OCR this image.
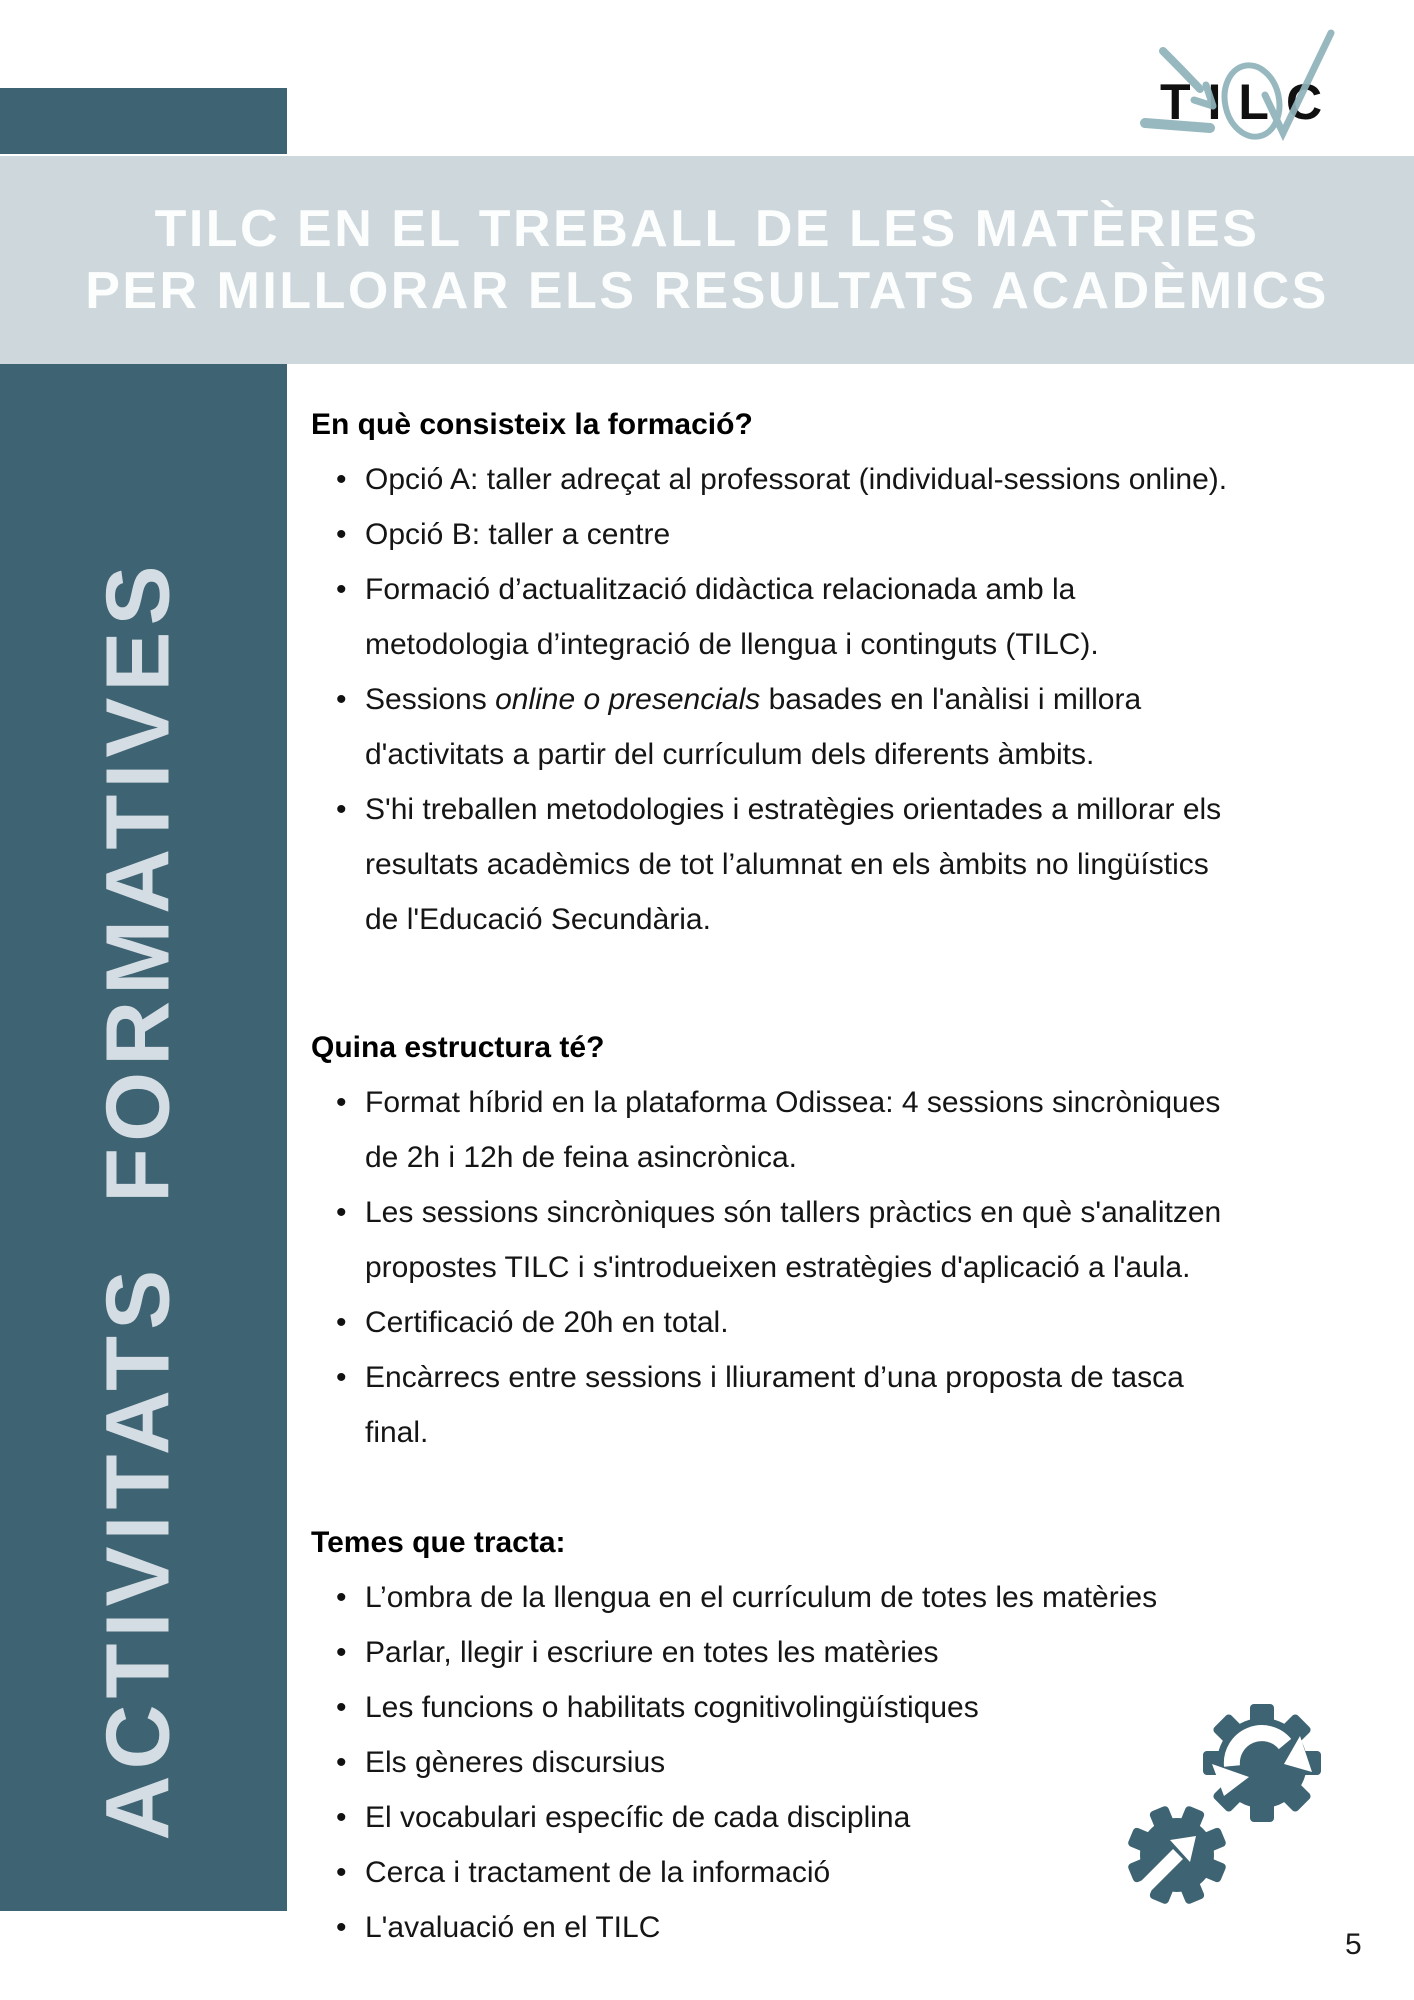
TILC EN EL TREBALL DE LES MATÈRIES
PER MILLORAR ELS RESULTATS ACADÈMICS
TILC
ACTIVITATS FORMATIVES
En què consisteix la formació?
• Opció A: taller adreçat al professorat (individual-sessions online).
• Opció B: taller a centre
• Formació d’actualització didàctica relacionada amb la
metodologia d’integració de llengua i continguts (TILC).
• Sessions online o presencials basades en l'anàlisi i millora
d'activitats a partir del currículum dels diferents àmbits.
• S'hi treballen metodologies i estratègies orientades a millorar els
resultats acadèmics de tot l’alumnat en els àmbits no lingüístics
de l'Educació Secundària.
Quina estructura té?
• Format híbrid en la plataforma Odissea: 4 sessions sincròniques
de 2h i 12h de feina asincrònica.
• Les sessions sincròniques són tallers pràctics en què s'analitzen
propostes TILC i s'introdueixen estratègies d'aplicació a l'aula.
• Certificació de 20h en total.
• Encàrrecs entre sessions i lliurament d’una proposta de tasca
final.
Temes que tracta:
• L’ombra de la llengua en el currículum de totes les matèries
• Parlar, llegir i escriure en totes les matèries
• Les funcions o habilitats cognitivolingüístiques
• Els gèneres discursius
• El vocabulari específic de cada disciplina
• Cerca i tractament de la informació
• L'avaluació en el TILC
5
